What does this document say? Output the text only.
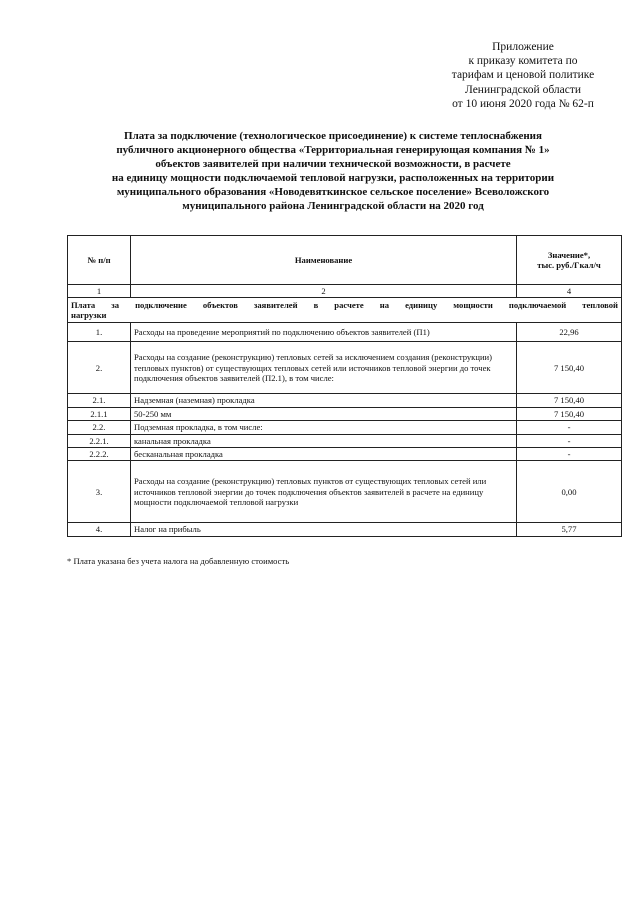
Приложение
к приказу комитета по
тарифам и ценовой политике
Ленинградской области
от 10 июня 2020 года № 62-п
Плата за подключение (технологическое присоединение) к системе теплоснабжения
публичного акционерного общества «Территориальная генерирующая компания № 1»
объектов заявителей при наличии технической возможности, в расчете
на единицу мощности подключаемой тепловой нагрузки, расположенных на территории
муниципального образования «Новодевяткинское сельское поселение» Всеволожского
муниципального района Ленинградской области на 2020 год
№ п/п	Наименование	Значение*,
тыс. руб./Гкал/ч

1	2	4

Плата за подключение объектов заявителей в расчете на единицу мощности подключаемой тепловой
нагрузки		

1.	Расходы на проведение мероприятий по подключению объектов заявителей (П1)	22,96
2.	Расходы на создание (реконструкцию) тепловых сетей за исключением создания (реконструкции) тепловых пунктов) от существующих тепловых сетей или источников тепловой энергии до точек подключения объектов заявителей (П2.1), в том числе:	7 150,40
2.1.	Надземная (наземная) прокладка	7 150,40
2.1.1	50-250 мм	7 150,40
2.2.	Подземная прокладка, в том числе:	-
2.2.1.	канальная прокладка	-
2.2.2.	бесканальная прокладка	-
3.	Расходы на создание (реконструкцию) тепловых пунктов от существующих тепловых сетей или источников тепловой энергии до точек подключения объектов заявителей в расчете на единицу мощности подключаемой тепловой нагрузки	0,00
4.	Налог на прибыль	5,77
* Плата указана без учета налога на добавленную стоимость
